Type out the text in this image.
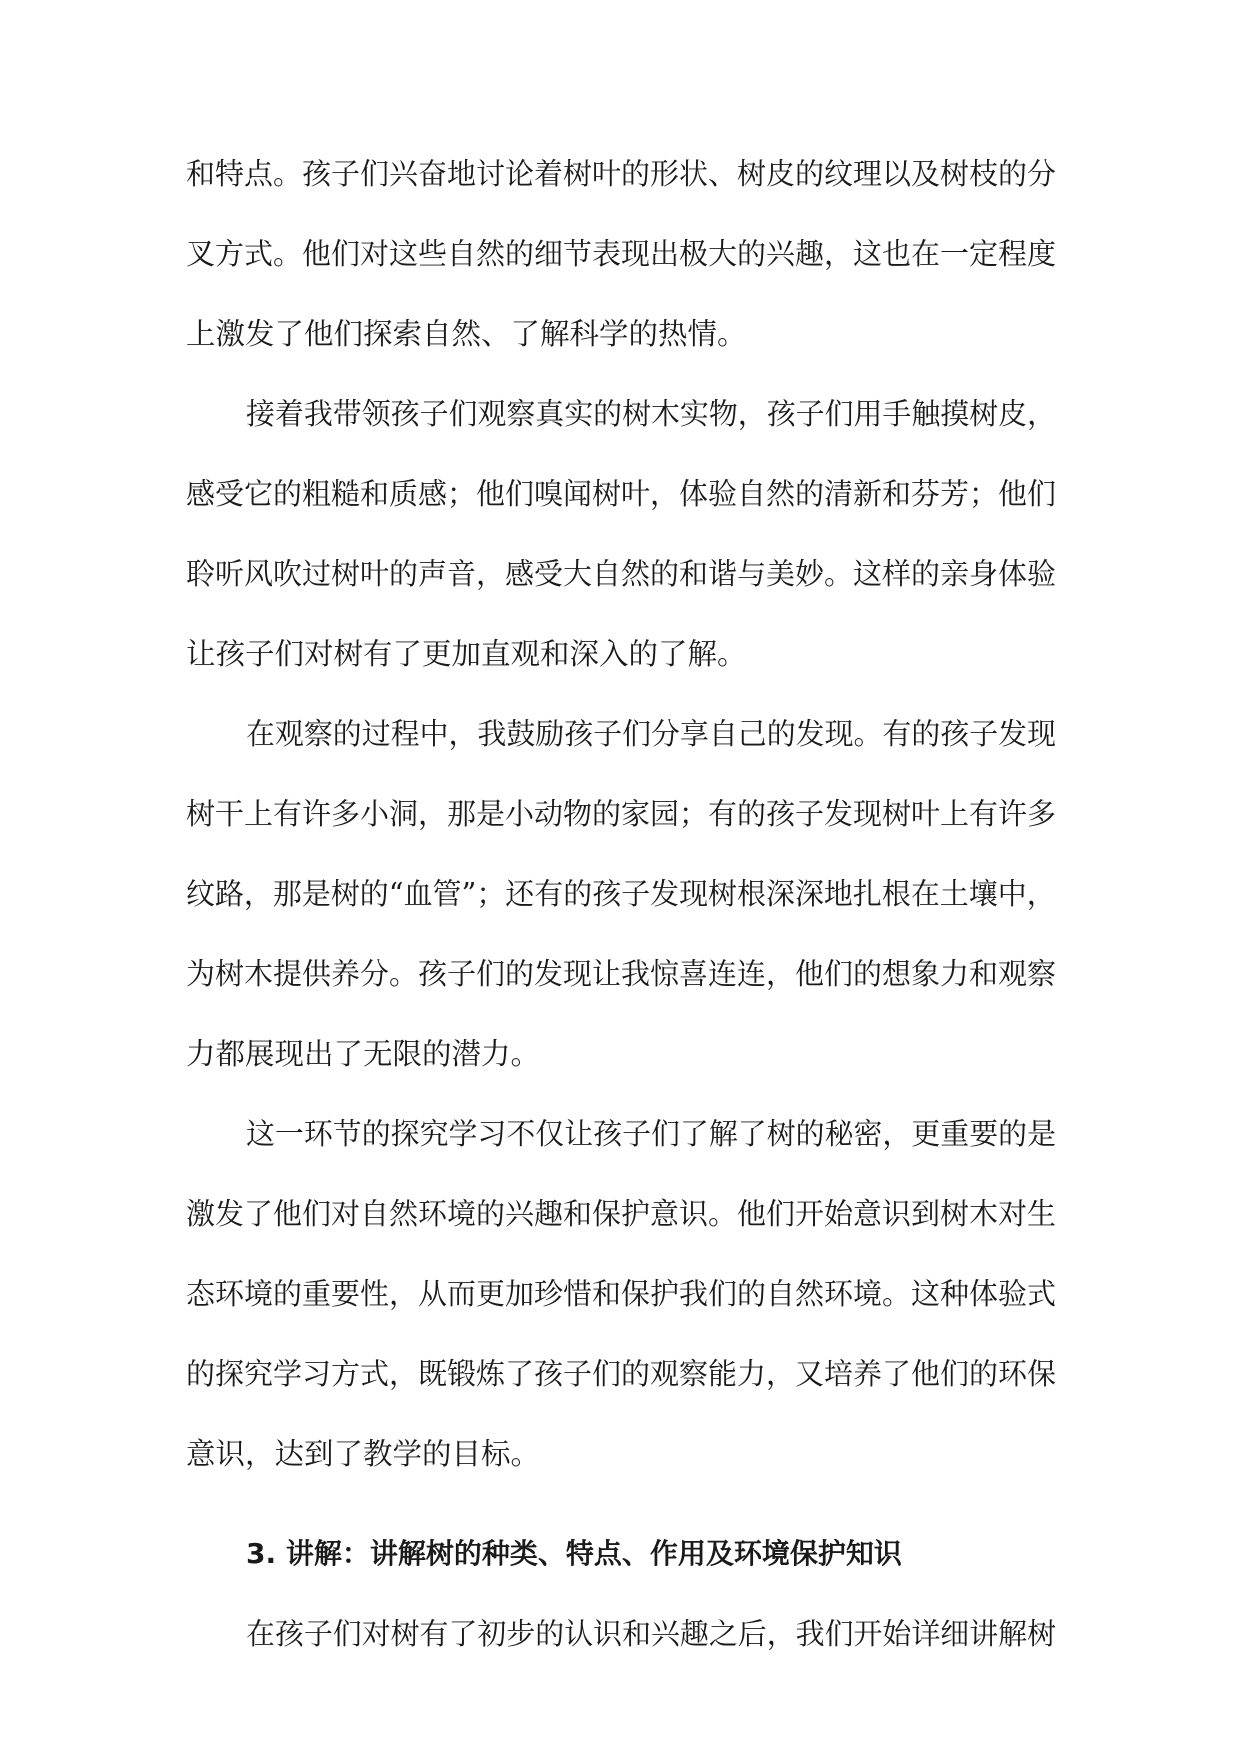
和特点。孩子们兴奋地讨论着树叶的形状、树皮的纹理以及树枝的分
叉方式。他们对这些自然的细节表现出极大的兴趣，这也在一定程度
上激发了他们探索自然、了解科学的热情。
接着我带领孩子们观察真实的树木实物，孩子们用手触摸树皮，
感受它的粗糙和质感；他们嗅闻树叶，体验自然的清新和芬芳；他们
聆听风吹过树叶的声音，感受大自然的和谐与美妙。这样的亲身体验
让孩子们对树有了更加直观和深入的了解。
在观察的过程中，我鼓励孩子们分享自己的发现。有的孩子发现
树干上有许多小洞，那是小动物的家园；有的孩子发现树叶上有许多
纹路，那是树的“血管”；还有的孩子发现树根深深地扎根在土壤中，
为树木提供养分。孩子们的发现让我惊喜连连，他们的想象力和观察
力都展现出了无限的潜力。
这一环节的探究学习不仅让孩子们了解了树的秘密，更重要的是
激发了他们对自然环境的兴趣和保护意识。他们开始意识到树木对生
态环境的重要性，从而更加珍惜和保护我们的自然环境。这种体验式
的探究学习方式，既锻炼了孩子们的观察能力，又培养了他们的环保
意识，达到了教学的目标。
3. 讲解：讲解树的种类、特点、作用及环境保护知识
在孩子们对树有了初步的认识和兴趣之后，我们开始详细讲解树
